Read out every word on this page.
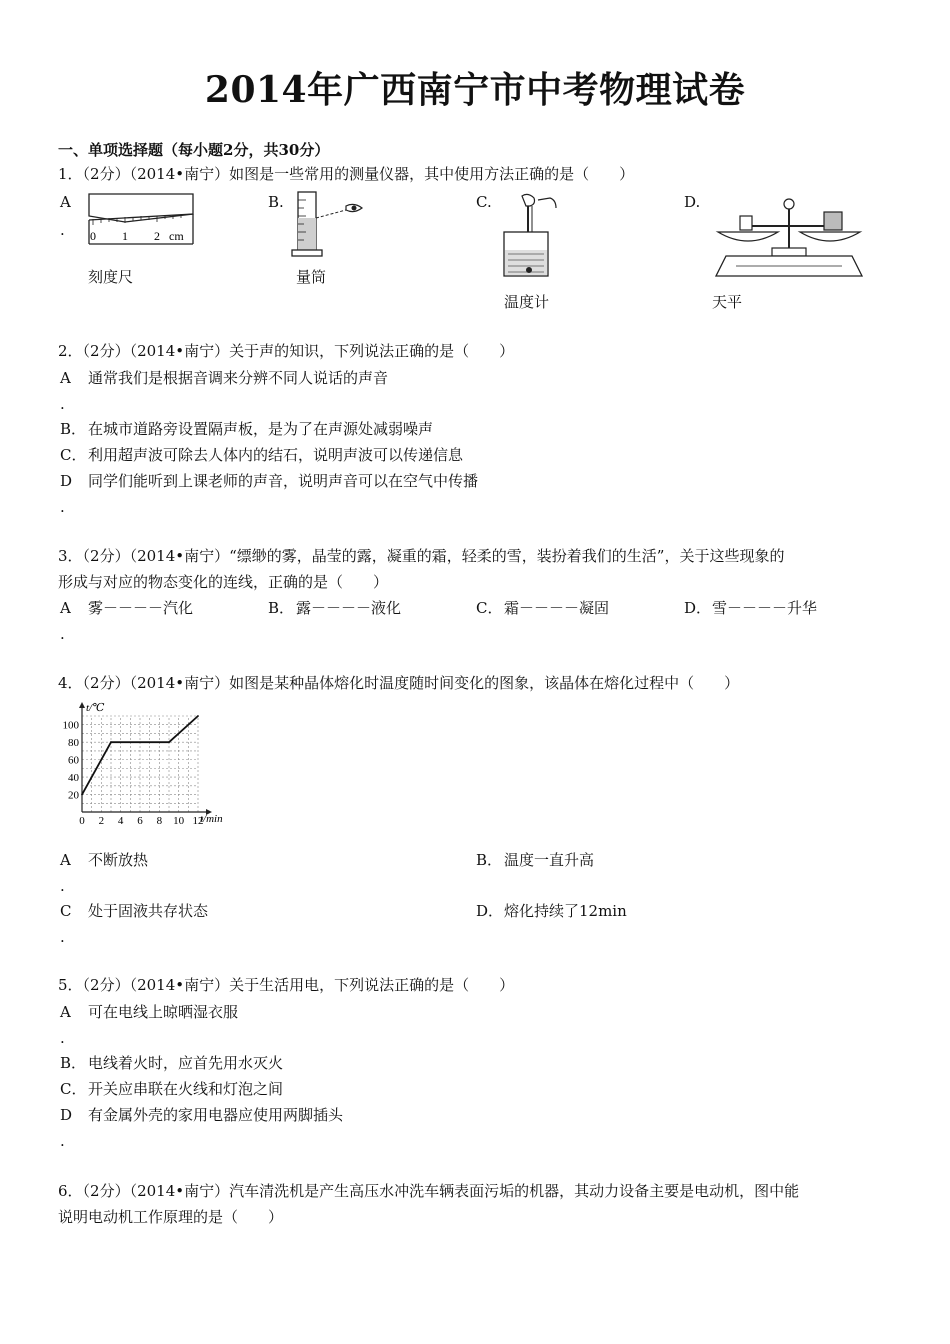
2014年广西南宁市中考物理试卷
一、单项选择题（每小题2分，共30分）
1．（2分）（2014•南宁）如图是一些常用的测量仪器，其中使用方法正确的是（　　）
A
. 0 1 2 cm
刻度尺
B.
量筒
C.
温度计
D.
天平
2．（2分）（2014•南宁）关于声的知识，下列说法正确的是（　　）
A 通常我们是根据音调来分辨不同人说话的声音
.
B． 在城市道路旁设置隔声板，是为了在声源处减弱噪声
C． 利用超声波可除去人体内的结石，说明声波可以传递信息
D 同学们能听到上课老师的声音，说明声音可以在空气中传播
.
3．（2分）（2014•南宁）“缥缈的雾，晶莹的露，凝重的霜，轻柔的雪，装扮着我们的生活”，关于这些现象的
形成与对应的物态变化的连线，正确的是（　　）
A 雾－－－－汽化
.
B． 露－－－－液化	C． 霜－－－－凝固	D． 雪－－－－升华
4．（2分）（2014•南宁）如图是某种晶体熔化时温度随时间变化的图象，该晶体在熔化过程中（　　）
0 2 4 6 8 10 12
20
40
60
80
100
t/℃
t/min
A 不断放热
.
B． 温度一直升高
C 处于固液共存状态
.
D． 熔化持续了12min
5．（2分）（2014•南宁）关于生活用电，下列说法正确的是（　　）
A 可在电线上晾晒湿衣服
.
B． 电线着火时，应首先用水灭火
C． 开关应串联在火线和灯泡之间
D 有金属外壳的家用电器应使用两脚插头
.
6．（2分）（2014•南宁）汽车清洗机是产生高压水冲洗车辆表面污垢的机器，其动力设备主要是电动机，图中能
说明电动机工作原理的是（　　）
